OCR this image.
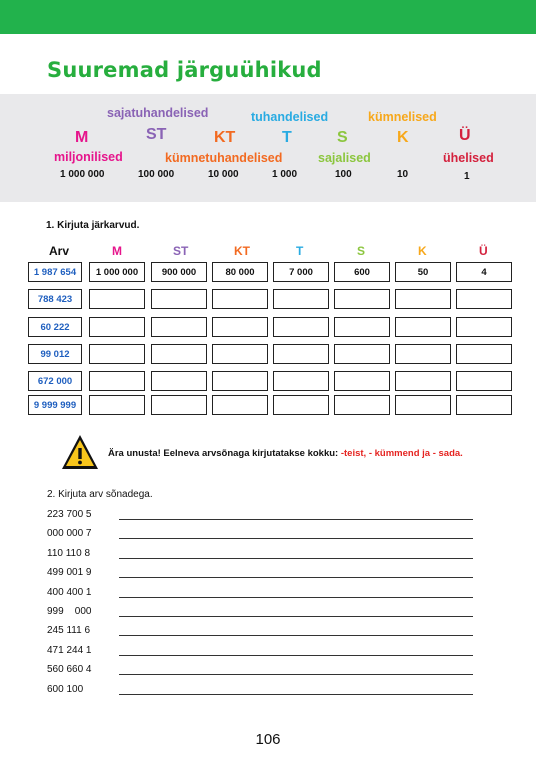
Suuremad järguühikud
sajatuhandelised	tuhandelised	kümnelised
M	ST	KT	T	S	K	Ü
miljonilised	kümnetuhandelised	sajalised	ühelised
1 000 000	100 000	10 000	1 000	100	10	1
1. Kirjuta järkarvud.
Arv	M	ST	KT	T	S	K	Ü
1 987 654	1 000 000	900 000	80 000	7 000	600	50	4
788 423
60 222
99 012
672 000
9 999 999
Ära unusta! Eelneva arvsõnaga kirjutatakse kokku: -teist, - kümmend ja - sada.
2. Kirjuta arv sõnadega.
223 700 5
000 000 7
110 110 8
499 001 9
400 400 1
999    000
245 111 6
471 244 1
560 660 4
600 100
106
